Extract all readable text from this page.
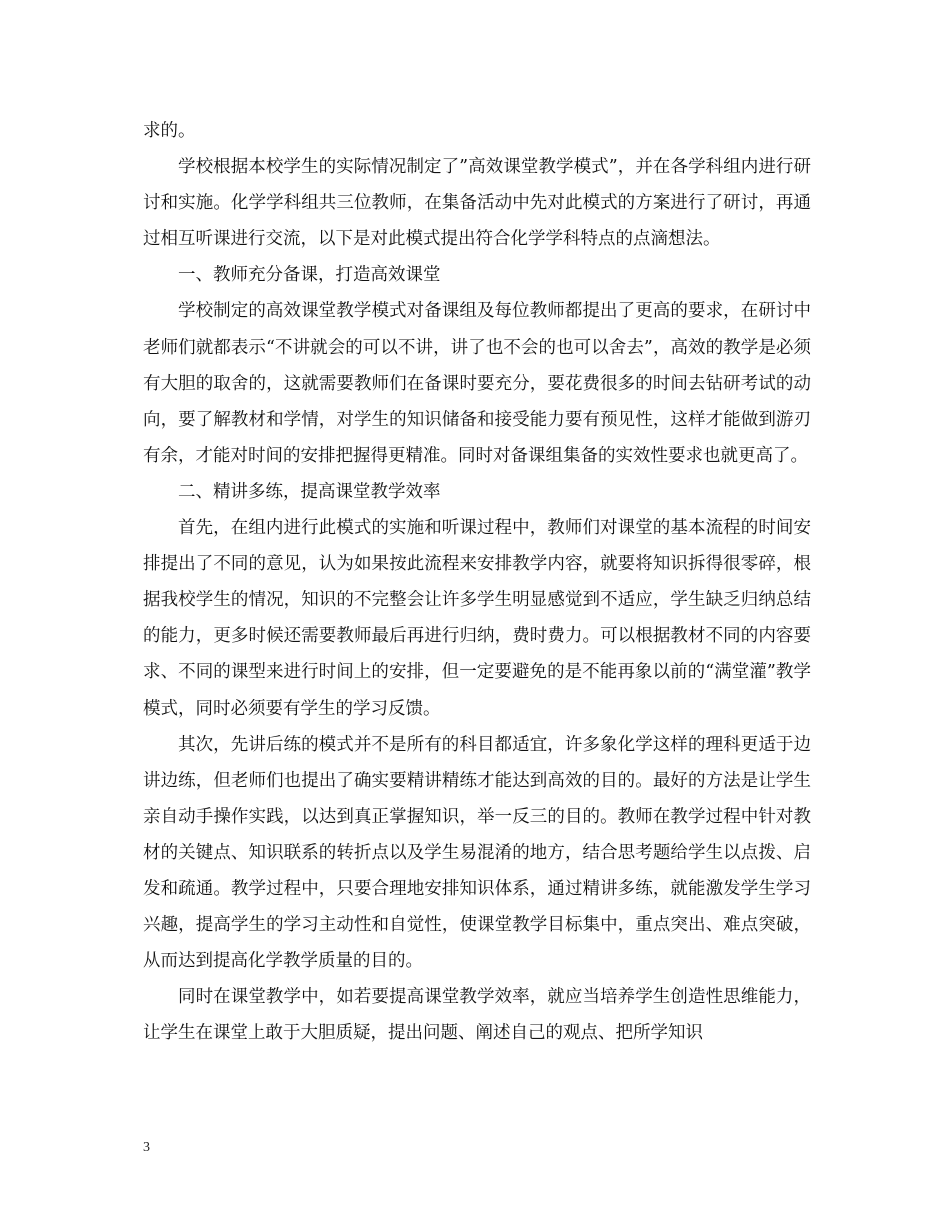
求的。

学校根据本校学生的实际情况制定了”高效课堂教学模式”，并在各学科组内进行研讨和实施。化学学科组共三位教师，在集备活动中先对此模式的方案进行了研讨，再通过相互听课进行交流，以下是对此模式提出符合化学学科特点的点滴想法。

一、教师充分备课，打造高效课堂

学校制定的高效课堂教学模式对备课组及每位教师都提出了更高的要求，在研讨中老师们就都表示“不讲就会的可以不讲，讲了也不会的也可以舍去”，高效的教学是必须有大胆的取舍的，这就需要教师们在备课时要充分，要花费很多的时间去钻研考试的动向，要了解教材和学情，对学生的知识储备和接受能力要有预见性，这样才能做到游刃有余，才能对时间的安排把握得更精准。同时对备课组集备的实效性要求也就更高了。

二、精讲多练，提高课堂教学效率

首先，在组内进行此模式的实施和听课过程中，教师们对课堂的基本流程的时间安排提出了不同的意见，认为如果按此流程来安排教学内容，就要将知识拆得很零碎，根据我校学生的情况，知识的不完整会让许多学生明显感觉到不适应，学生缺乏归纳总结的能力，更多时候还需要教师最后再进行归纳，费时费力。可以根据教材不同的内容要求、不同的课型来进行时间上的安排，但一定要避免的是不能再象以前的“满堂灌”教学模式，同时必须要有学生的学习反馈。

其次，先讲后练的模式并不是所有的科目都适宜，许多象化学这样的理科更适于边讲边练，但老师们也提出了确实要精讲精练才能达到高效的目的。最好的方法是让学生亲自动手操作实践，以达到真正掌握知识，举一反三的目的。教师在教学过程中针对教材的关键点、知识联系的转折点以及学生易混淆的地方，结合思考题给学生以点拨、启发和疏通。教学过程中，只要合理地安排知识体系，通过精讲多练，就能激发学生学习兴趣，提高学生的学习主动性和自觉性，使课堂教学目标集中，重点突出、难点突破，从而达到提高化学教学质量的目的。

同时在课堂教学中，如若要提高课堂教学效率，就应当培养学生创造性思维能力，让学生在课堂上敢于大胆质疑，提出问题、阐述自己的观点、把所学知识

3
